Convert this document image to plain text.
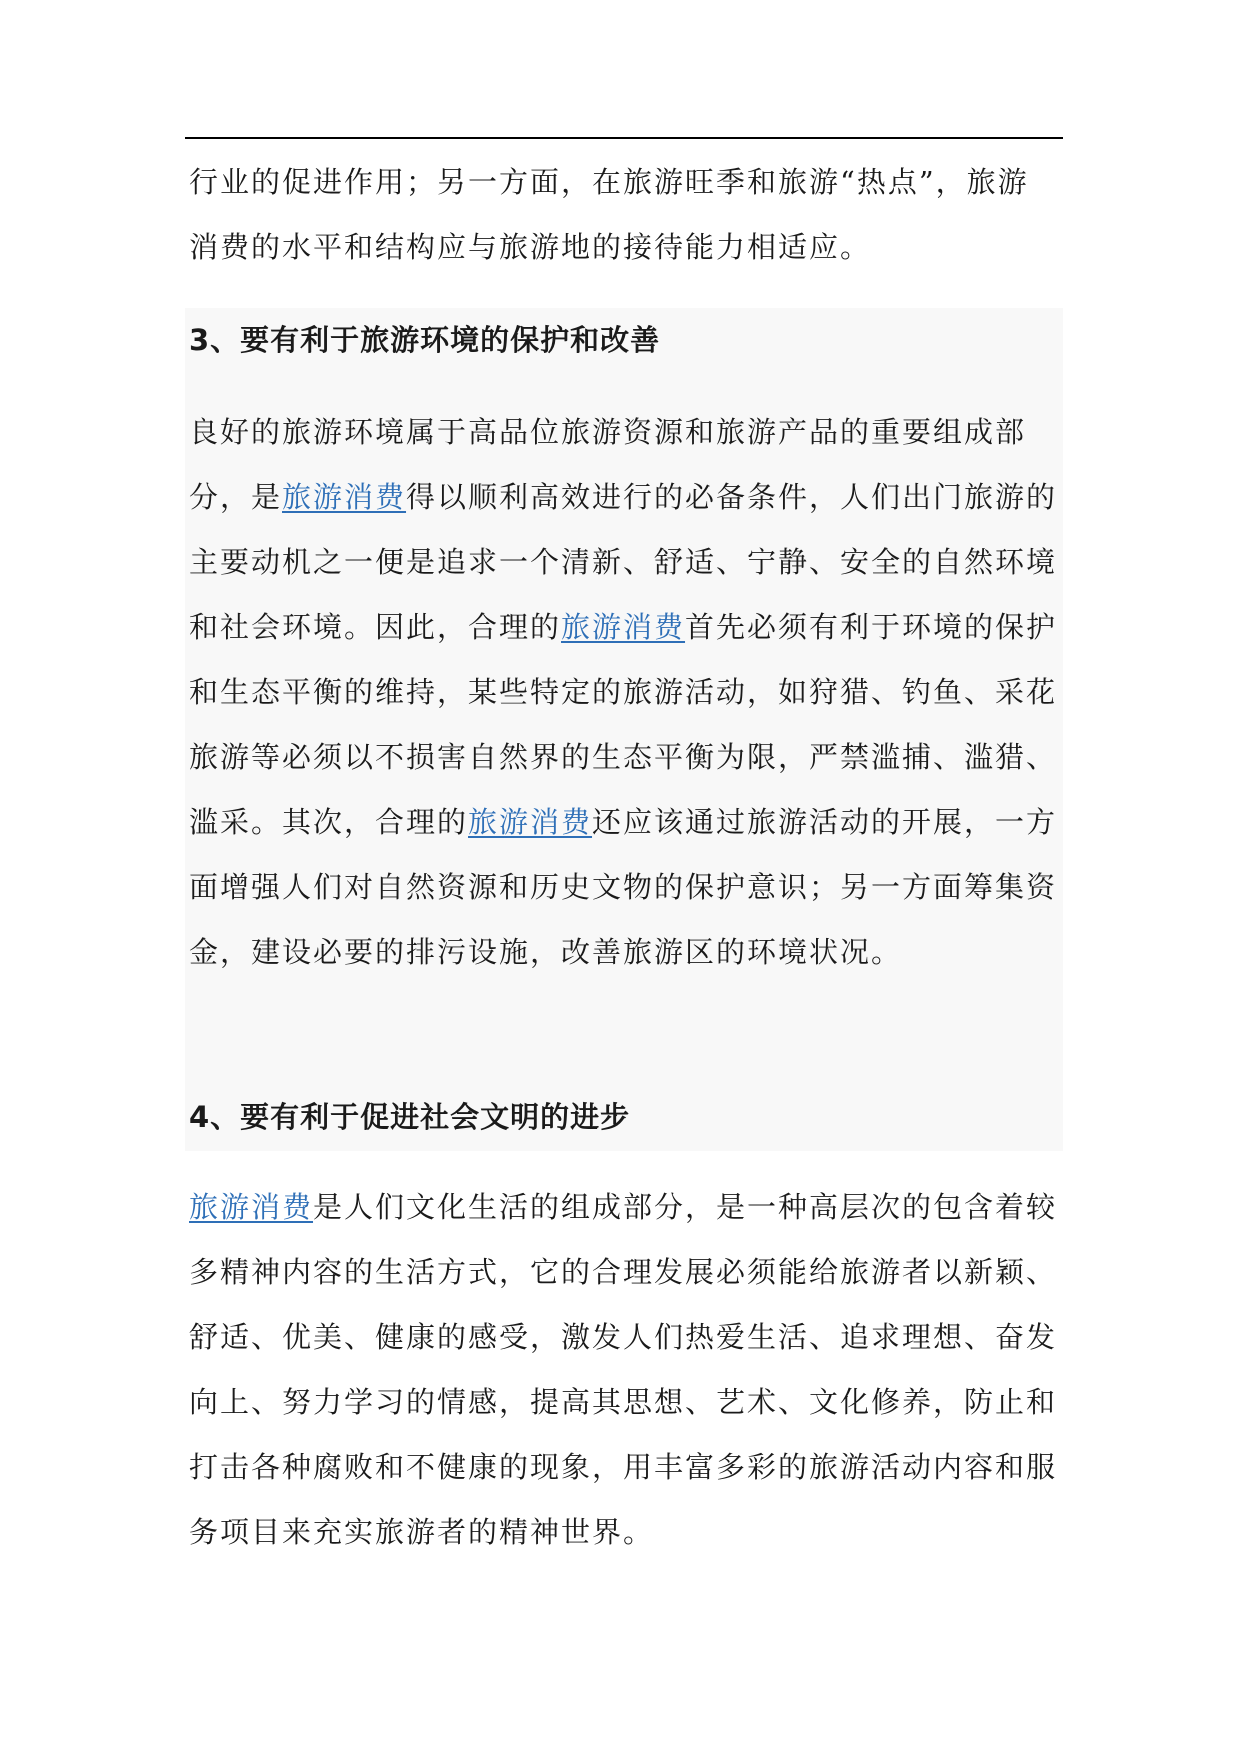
行业的促进作用；另一方面，在旅游旺季和旅游“热点”，旅游消费的水平和结构应与旅游地的接待能力相适应。

3、要有利于旅游环境的保护和改善

良好的旅游环境属于高品位旅游资源和旅游产品的重要组成部分，是旅游消费得以顺利高效进行的必备条件，人们出门旅游的主要动机之一便是追求一个清新、舒适、宁静、安全的自然环境和社会环境。因此，合理的旅游消费首先必须有利于环境的保护和生态平衡的维持，某些特定的旅游活动，如狩猎、钓鱼、采花旅游等必须以不损害自然界的生态平衡为限，严禁滥捕、滥猎、滥采。其次，合理的旅游消费还应该通过旅游活动的开展，一方面增强人们对自然资源和历史文物的保护意识；另一方面筹集资金，建设必要的排污设施，改善旅游区的环境状况。

4、要有利于促进社会文明的进步

旅游消费是人们文化生活的组成部分，是一种高层次的包含着较多精神内容的生活方式，它的合理发展必须能给旅游者以新颖、舒适、优美、健康的感受，激发人们热爱生活、追求理想、奋发向上、努力学习的情感，提高其思想、艺术、文化修养，防止和打击各种腐败和不健康的现象，用丰富多彩的旅游活动内容和服务项目来充实旅游者的精神世界。
